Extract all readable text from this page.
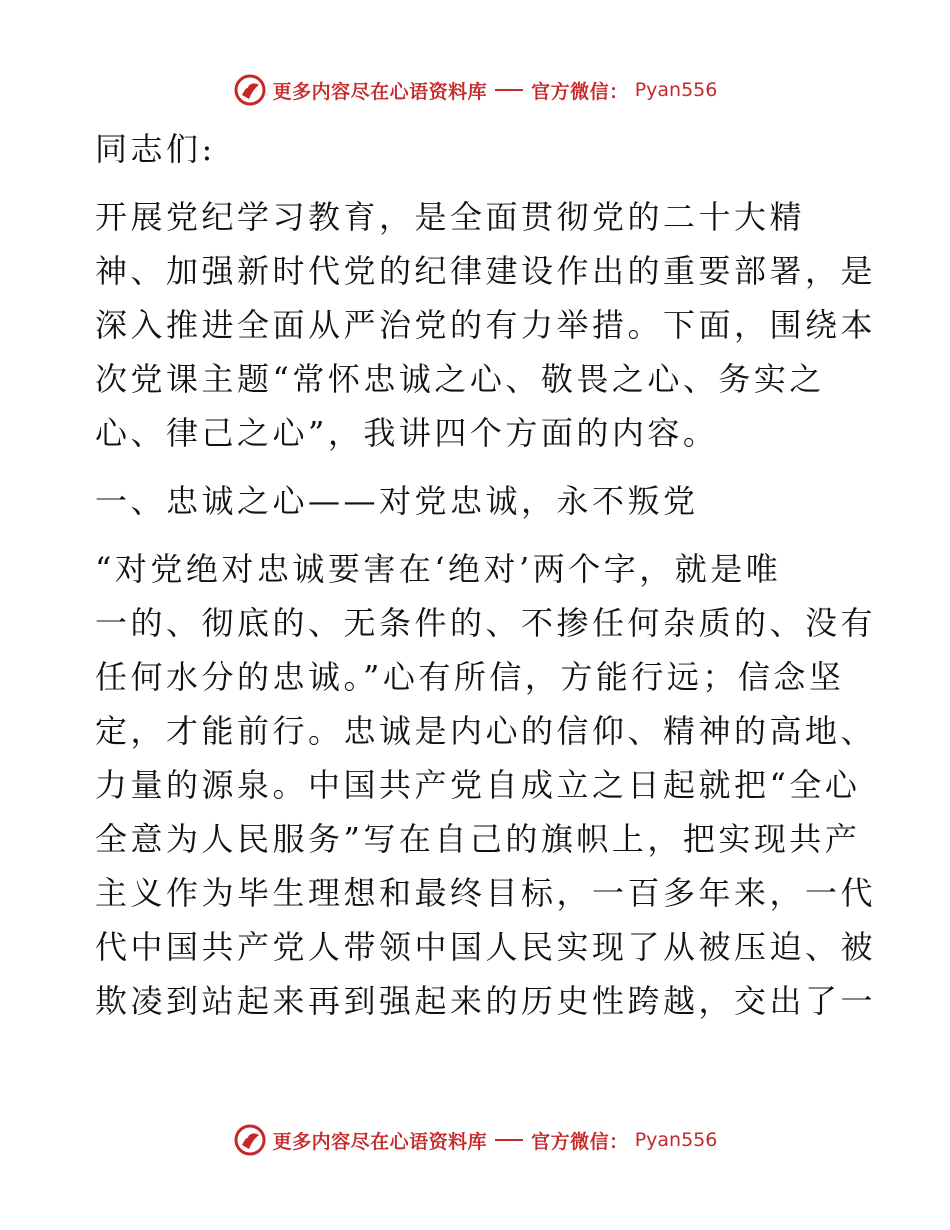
更多内容尽在心语资料库 官方微信： Pyan556

同志们:

开展党纪学习教育，是全面贯彻党的二十大精

神、加强新时代党的纪律建设作出的重要部署，是

深入推进全面从严治党的有力举措。下面，围绕本

次党课主题“常怀忠诚之心、敬畏之心、务实之

心、律己之心”，我讲四个方面的内容。

一、忠诚之心——对党忠诚，永不叛党

“对党绝对忠诚要害在‘绝对’两个字，就是唯

一的、彻底的、无条件的、不掺任何杂质的、没有

任何水分的忠诚。”心有所信，方能行远；信念坚

定，才能前行。忠诚是内心的信仰、精神的高地、

力量的源泉。中国共产党自成立之日起就把“全心

全意为人民服务”写在自己的旗帜上，把实现共产

主义作为毕生理想和最终目标，一百多年来，一代

代中国共产党人带领中国人民实现了从被压迫、被

欺凌到站起来再到强起来的历史性跨越，交出了一

更多内容尽在心语资料库 官方微信： Pyan556
